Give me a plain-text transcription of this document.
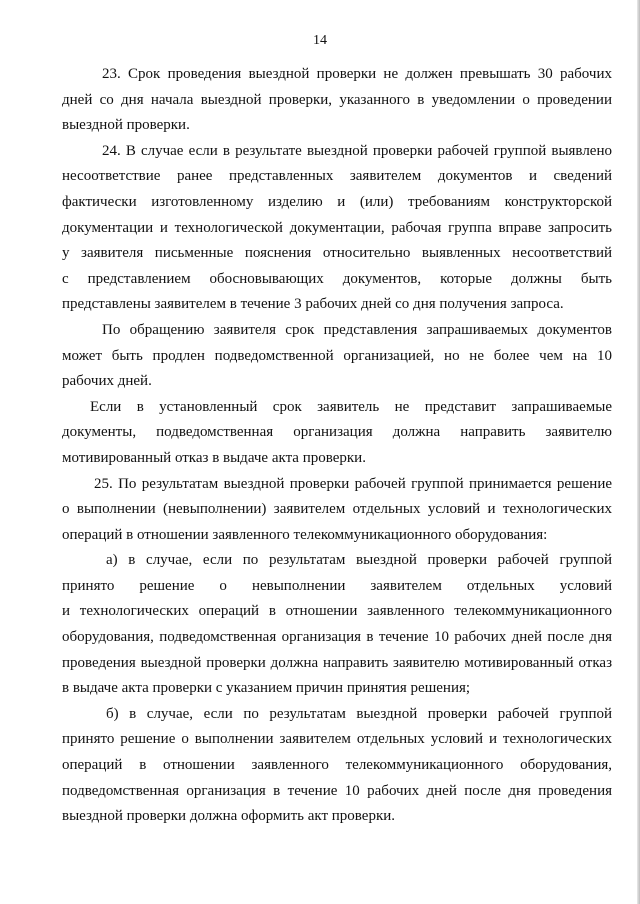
14
23. Срок проведения выездной проверки не должен превышать 30 рабочих
дней со дня начала выездной проверки, указанного в уведомлении о проведении
выездной проверки.
24. В случае если в результате выездной проверки рабочей группой выявлено
несоответствие ранее представленных заявителем документов и сведений
фактически изготовленному изделию и (или) требованиям конструкторской
документации и технологической документации, рабочая группа вправе запросить
у заявителя письменные пояснения относительно выявленных несоответствий
с представлением обосновывающих документов, которые должны быть
представлены заявителем в течение 3 рабочих дней со дня получения запроса.
По обращению заявителя срок представления запрашиваемых документов
может быть продлен подведомственной организацией, но не более чем на 10
рабочих дней.
Если в установленный срок заявитель не представит запрашиваемые
документы, подведомственная организация должна направить заявителю
мотивированный отказ в выдаче акта проверки.
25. По результатам выездной проверки рабочей группой принимается решение
о выполнении (невыполнении) заявителем отдельных условий и технологических
операций в отношении заявленного телекоммуникационного оборудования:
а) в случае, если по результатам выездной проверки рабочей группой
принято решение о невыполнении заявителем отдельных условий
и технологических операций в отношении заявленного телекоммуникационного
оборудования, подведомственная организация в течение 10 рабочих дней после дня
проведения выездной проверки должна направить заявителю мотивированный отказ
в выдаче акта проверки с указанием причин принятия решения;
б) в случае, если по результатам выездной проверки рабочей группой
принято решение о выполнении заявителем отдельных условий и технологических
операций в отношении заявленного телекоммуникационного оборудования,
подведомственная организация в течение 10 рабочих дней после дня проведения
выездной проверки должна оформить акт проверки.
